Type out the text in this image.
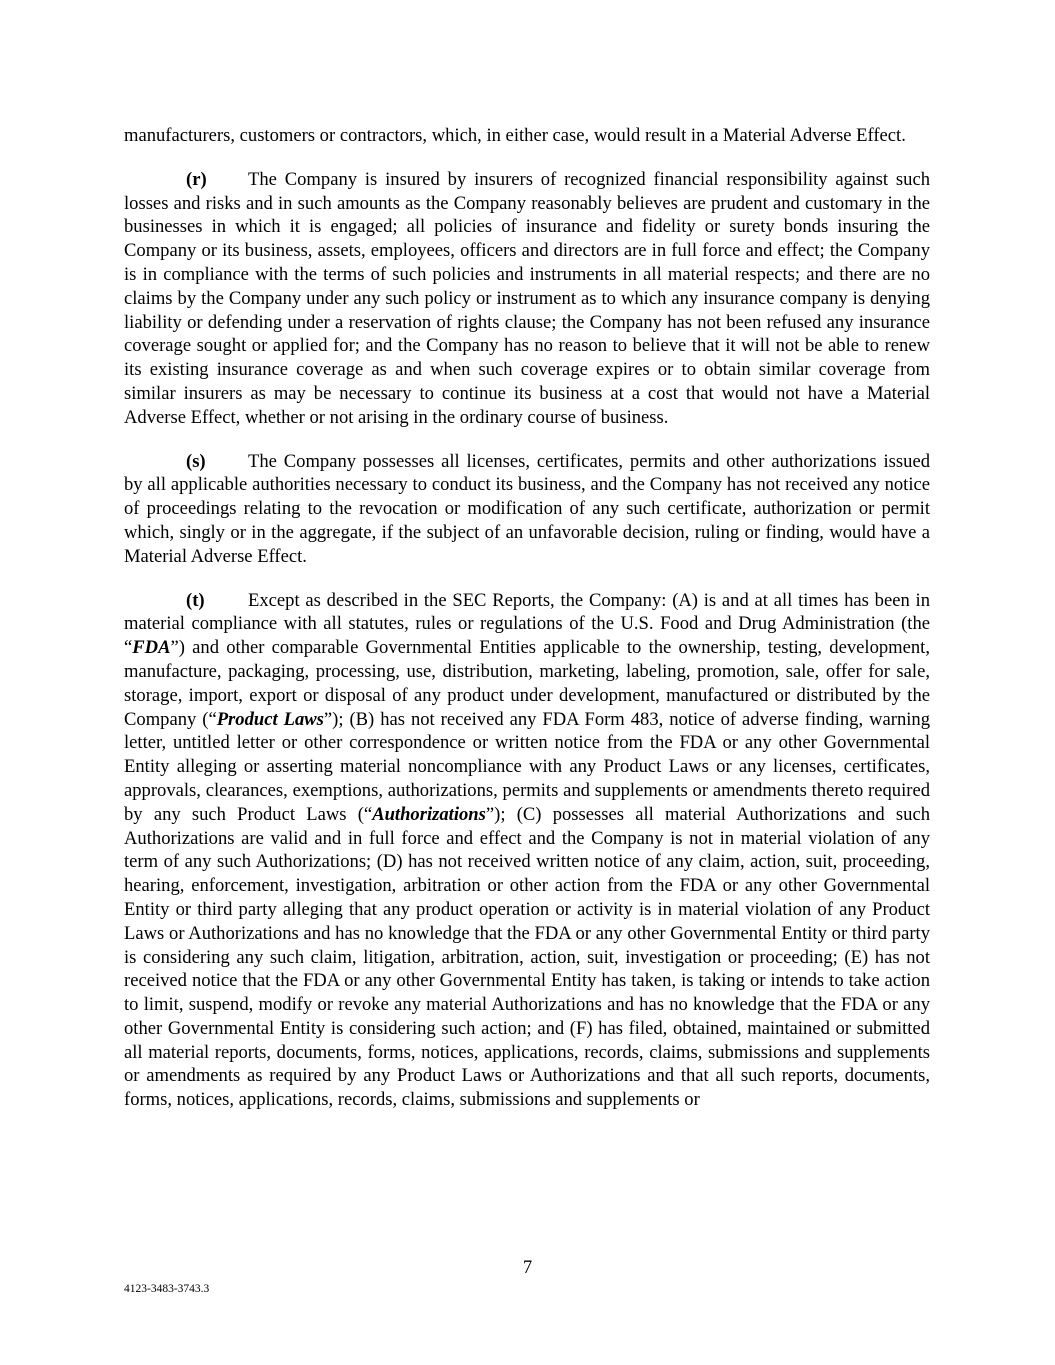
manufacturers, customers or contractors, which, in either case, would result in a Material Adverse Effect.

(r) The Company is insured by insurers of recognized financial responsibility against such losses and risks and in such amounts as the Company reasonably believes are prudent and customary in the businesses in which it is engaged; all policies of insurance and fidelity or surety bonds insuring the Company or its business, assets, employees, officers and directors are in full force and effect; the Company is in compliance with the terms of such policies and instruments in all material respects; and there are no claims by the Company under any such policy or instrument as to which any insurance company is denying liability or defending under a reservation of rights clause; the Company has not been refused any insurance coverage sought or applied for; and the Company has no reason to believe that it will not be able to renew its existing insurance coverage as and when such coverage expires or to obtain similar coverage from similar insurers as may be necessary to continue its business at a cost that would not have a Material Adverse Effect, whether or not arising in the ordinary course of business.

(s) The Company possesses all licenses, certificates, permits and other authorizations issued by all applicable authorities necessary to conduct its business, and the Company has not received any notice of proceedings relating to the revocation or modification of any such certificate, authorization or permit which, singly or in the aggregate, if the subject of an unfavorable decision, ruling or finding, would have a Material Adverse Effect.

(t) Except as described in the SEC Reports, the Company: (A) is and at all times has been in material compliance with all statutes, rules or regulations of the U.S. Food and Drug Administration (the “FDA”) and other comparable Governmental Entities applicable to the ownership, testing, development, manufacture, packaging, processing, use, distribution, marketing, labeling, promotion, sale, offer for sale, storage, import, export or disposal of any product under development, manufactured or distributed by the Company (“Product Laws”); (B) has not received any FDA Form 483, notice of adverse finding, warning letter, untitled letter or other correspondence or written notice from the FDA or any other Governmental Entity alleging or asserting material noncompliance with any Product Laws or any licenses, certificates, approvals, clearances, exemptions, authorizations, permits and supplements or amendments thereto required by any such Product Laws (“Authorizations”); (C) possesses all material Authorizations and such Authorizations are valid and in full force and effect and the Company is not in material violation of any term of any such Authorizations; (D) has not received written notice of any claim, action, suit, proceeding, hearing, enforcement, investigation, arbitration or other action from the FDA or any other Governmental Entity or third party alleging that any product operation or activity is in material violation of any Product Laws or Authorizations and has no knowledge that the FDA or any other Governmental Entity or third party is considering any such claim, litigation, arbitration, action, suit, investigation or proceeding; (E) has not received notice that the FDA or any other Governmental Entity has taken, is taking or intends to take action to limit, suspend, modify or revoke any material Authorizations and has no knowledge that the FDA or any other Governmental Entity is considering such action; and (F) has filed, obtained, maintained or submitted all material reports, documents, forms, notices, applications, records, claims, submissions and supplements or amendments as required by any Product Laws or Authorizations and that all such reports, documents, forms, notices, applications, records, claims, submissions and supplements or

7
4123-3483-3743.3
